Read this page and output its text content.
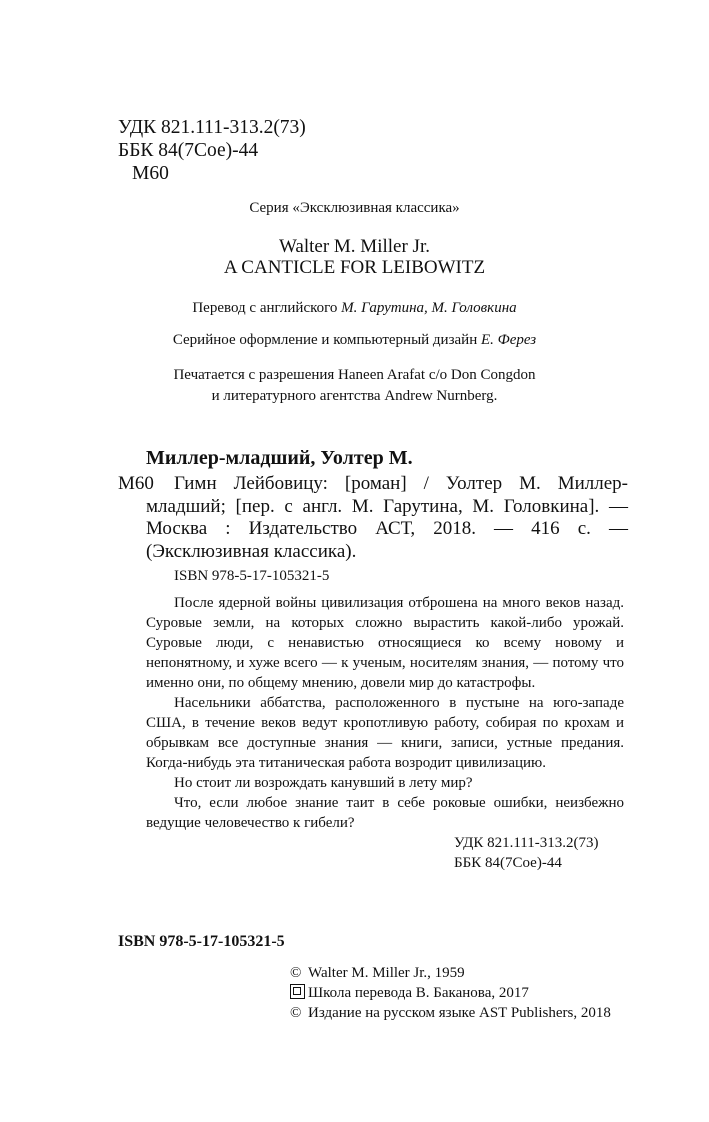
УДК 821.111-313.2(73)
ББК 84(7Сое)-44
М60
Серия «Эксклюзивная классика»
Walter M. Miller Jr.
A CANTICLE FOR LEIBOWITZ
Перевод с английского М. Гарутина, М. Головкина
Серийное оформление и компьютерный дизайн Е. Ферез
Печатается с разрешения Haneen Arafat c/o Don Congdon
и литературного агентства Andrew Nurnberg.
Миллер-младший, Уолтер М.
М60	Гимн Лейбовицу: [роман] / Уолтер М. Миллер-младший; [пер. с англ. М. Гарутина, М. Головкина]. — Москва : Издательство АСТ, 2018. — 416 с. — (Эксклюзивная классика).
ISBN 978-5-17-105321-5

После ядерной войны цивилизация отброшена на много веков назад. Суровые земли, на которых сложно вырастить какой-либо урожай. Суровые люди, с ненавистью относящиеся ко всему новому и непонятному, и хуже всего — к ученым, носителям знания, — потому что именно они, по общему мнению, довели мир до катастрофы.

Насельники аббатства, расположенного в пустыне на юго-западе США, в течение веков ведут кропотливую работу, собирая по крохам и обрывкам все доступные знания — книги, записи, устные предания. Когда-нибудь эта титаническая работа возродит цивилизацию.

Но стоит ли возрождать канувший в лету мир?

Что, если любое знание таит в себе роковые ошибки, неизбежно ведущие человечество к гибели?

УДК 821.111-313.2(73)

ББК 84(7Сое)-44

ISBN 978-5-17-105321-5
© Walter M. Miller Jr., 1959
Школа перевода В. Баканова, 2017
© Издание на русском языке AST Publishers, 2018
